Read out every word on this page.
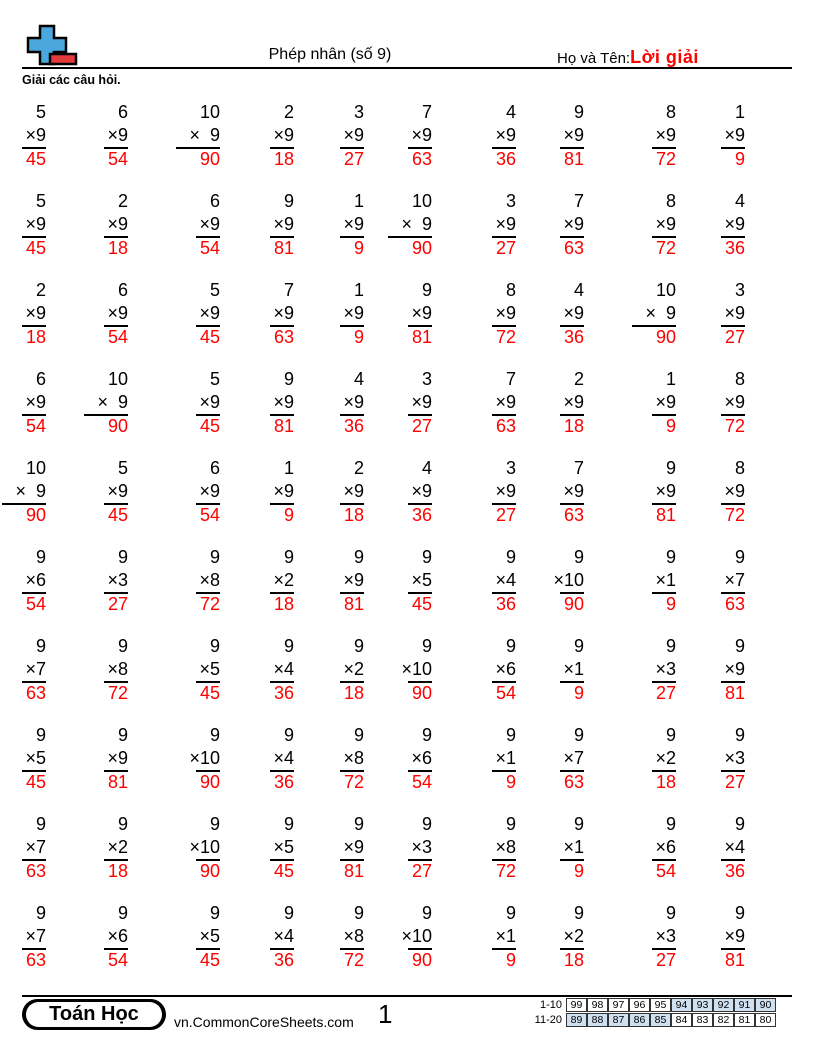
Phép nhân (số 9)	Họ và Tên:Lời giải
Giải các câu hỏi.
5
×9
45
6
×9
54
10
×  9
90
2
×9
18
3
×9
27
7
×9
63
4
×9
36
9
×9
81
8
×9
72
1
×9
9
5
×9
45
2
×9
18
6
×9
54
9
×9
81
1
×9
9
10
×  9
90
3
×9
27
7
×9
63
8
×9
72
4
×9
36
2
×9
18
6
×9
54
5
×9
45
7
×9
63
1
×9
9
9
×9
81
8
×9
72
4
×9
36
10
×  9
90
3
×9
27
6
×9
54
10
×  9
90
5
×9
45
9
×9
81
4
×9
36
3
×9
27
7
×9
63
2
×9
18
1
×9
9
8
×9
72
10
×  9
90
5
×9
45
6
×9
54
1
×9
9
2
×9
18
4
×9
36
3
×9
27
7
×9
63
9
×9
81
8
×9
72
9
×6
54
9
×3
27
9
×8
72
9
×2
18
9
×9
81
9
×5
45
9
×4
36
9
×10
90
9
×1
9
9
×7
63
9
×7
63
9
×8
72
9
×5
45
9
×4
36
9
×2
18
9
×10
90
9
×6
54
9
×1
9
9
×3
27
9
×9
81
9
×5
45
9
×9
81
9
×10
90
9
×4
36
9
×8
72
9
×6
54
9
×1
9
9
×7
63
9
×2
18
9
×3
27
9
×7
63
9
×2
18
9
×10
90
9
×5
45
9
×9
81
9
×3
27
9
×8
72
9
×1
9
9
×6
54
9
×4
36
9
×7
63
9
×6
54
9
×5
45
9
×4
36
9
×8
72
9
×10
90
9
×1
9
9
×2
18
9
×3
27
9
×9
81
Toán Học	vn.CommonCoreSheets.com 1	1-10 99 98 97 96 95 94 93 92 91 90
11-20 89 88 87 86 85 84 83 82 81 80
